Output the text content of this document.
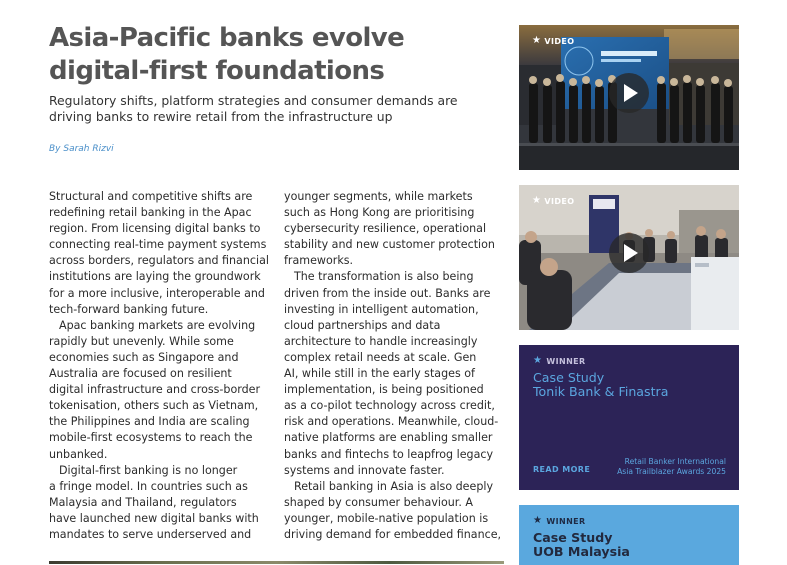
Asia-Pacific banks evolve digital-first foundations

Regulatory shifts, platform strategies and consumer demands are driving banks to rewire retail from the infrastructure up

By Sarah Rizvi

Structural and competitive shifts are
redefining retail banking in the Apac
region. From licensing digital banks to
connecting real-time payment systems
across borders, regulators and financial
institutions are laying the groundwork
for a more inclusive, interoperable and
tech-forward banking future.

Apac banking markets are evolving
rapidly but unevenly. While some
economies such as Singapore and
Australia are focused on resilient
digital infrastructure and cross-border
tokenisation, others such as Vietnam,
the Philippines and India are scaling
mobile-first ecosystems to reach the
unbanked.

Digital-first banking is no longer
a fringe model. In countries such as
Malaysia and Thailand, regulators
have launched new digital banks with
mandates to serve underserved and

younger segments, while markets
such as Hong Kong are prioritising
cybersecurity resilience, operational
stability and new customer protection
frameworks.

The transformation is also being
driven from the inside out. Banks are
investing in intelligent automation,
cloud partnerships and data
architecture to handle increasingly
complex retail needs at scale. Gen
AI, while still in the early stages of
implementation, is being positioned
as a co-pilot technology across credit,
risk and operations. Meanwhile, cloud-
native platforms are enabling smaller
banks and fintechs to leapfrog legacy
systems and innovate faster.

Retail banking in Asia is also deeply
shaped by consumer behaviour. A
younger, mobile-native population is
driving demand for embedded finance,

★ VIDEO
★ VIDEO
★ WINNER

Case Study
Tonik Bank & Finastra

READ MORE
Retail Banker International
Asia Trailblazer Awards 2025
★ WINNER

Case Study
UOB Malaysia
